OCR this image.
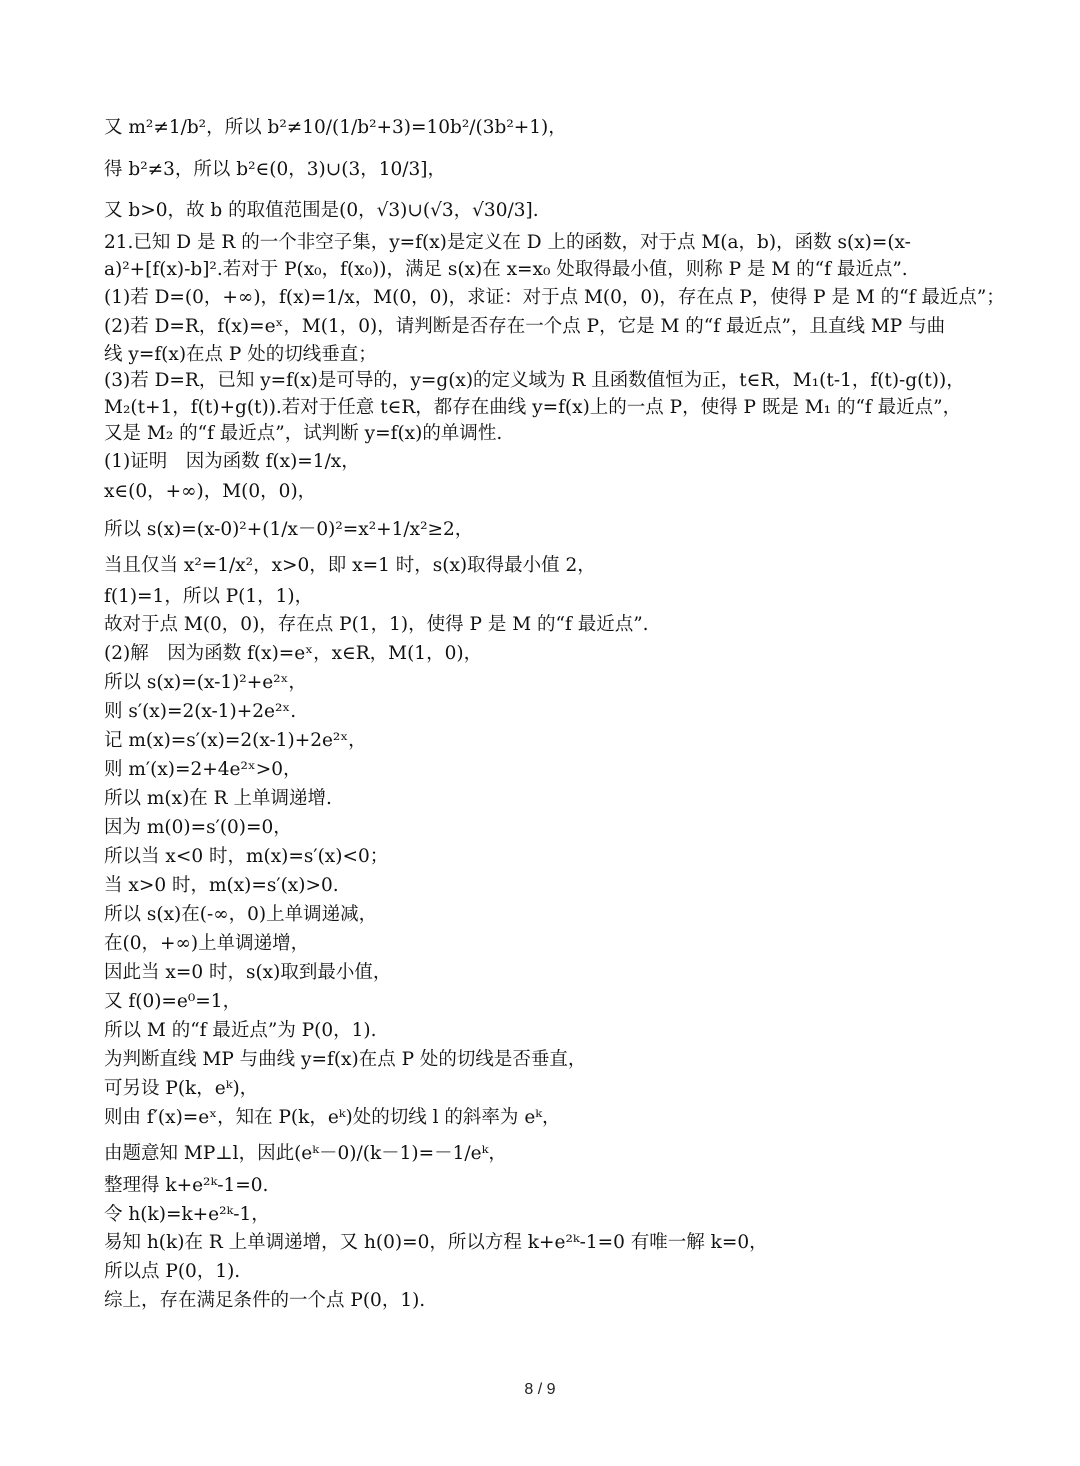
又 m²≠1/b²，所以 b²≠10/(1/b²+3)=10b²/(3b²+1)，
得 b²≠3，所以 b²∈(0，3)∪(3，10/3]，
又 b>0，故 b 的取值范围是(0，√3)∪(√3，√30/3].
21.已知 D 是 R 的一个非空子集，y=f(x)是定义在 D 上的函数，对于点 M(a，b)，函数 s(x)=(x-
a)²+[f(x)-b]².若对于 P(x₀，f(x₀))，满足 s(x)在 x=x₀ 处取得最小值，则称 P 是 M 的“f 最近点”.
(1)若 D=(0，+∞)，f(x)=1/x，M(0，0)，求证：对于点 M(0，0)，存在点 P，使得 P 是 M 的“f 最近点”；
(2)若 D=R，f(x)=eˣ，M(1，0)，请判断是否存在一个点 P，它是 M 的“f 最近点”，且直线 MP 与曲
线 y=f(x)在点 P 处的切线垂直；
(3)若 D=R，已知 y=f(x)是可导的，y=g(x)的定义域为 R 且函数值恒为正，t∈R，M₁(t-1，f(t)-g(t))，
M₂(t+1，f(t)+g(t)).若对于任意 t∈R，都存在曲线 y=f(x)上的一点 P，使得 P 既是 M₁ 的“f 最近点”，
又是 M₂ 的“f 最近点”，试判断 y=f(x)的单调性.
(1)证明　因为函数 f(x)=1/x，
x∈(0，+∞)，M(0，0)，
所以 s(x)=(x-0)²+(1/x－0)²=x²+1/x²≥2，
当且仅当 x²=1/x²，x>0，即 x=1 时，s(x)取得最小值 2，
f(1)=1，所以 P(1，1)，
故对于点 M(0，0)，存在点 P(1，1)，使得 P 是 M 的“f 最近点”.
(2)解　因为函数 f(x)=eˣ，x∈R，M(1，0)，
所以 s(x)=(x-1)²+e²ˣ，
则 s′(x)=2(x-1)+2e²ˣ.
记 m(x)=s′(x)=2(x-1)+2e²ˣ，
则 m′(x)=2+4e²ˣ>0，
所以 m(x)在 R 上单调递增.
因为 m(0)=s′(0)=0，
所以当 x<0 时，m(x)=s′(x)<0；
当 x>0 时，m(x)=s′(x)>0.
所以 s(x)在(-∞，0)上单调递减，
在(0，+∞)上单调递增，
因此当 x=0 时，s(x)取到最小值，
又 f(0)=e⁰=1，
所以 M 的“f 最近点”为 P(0，1).
为判断直线 MP 与曲线 y=f(x)在点 P 处的切线是否垂直，
可另设 P(k，eᵏ)，
则由 f′(x)=eˣ，知在 P(k，eᵏ)处的切线 l 的斜率为 eᵏ，
由题意知 MP⊥l，因此(eᵏ－0)/(k－1)=－1/eᵏ，
整理得 k+e²ᵏ-1=0.
令 h(k)=k+e²ᵏ-1，
易知 h(k)在 R 上单调递增，又 h(0)=0，所以方程 k+e²ᵏ-1=0 有唯一解 k=0，
所以点 P(0，1).
综上，存在满足条件的一个点 P(0，1).
8 / 9
